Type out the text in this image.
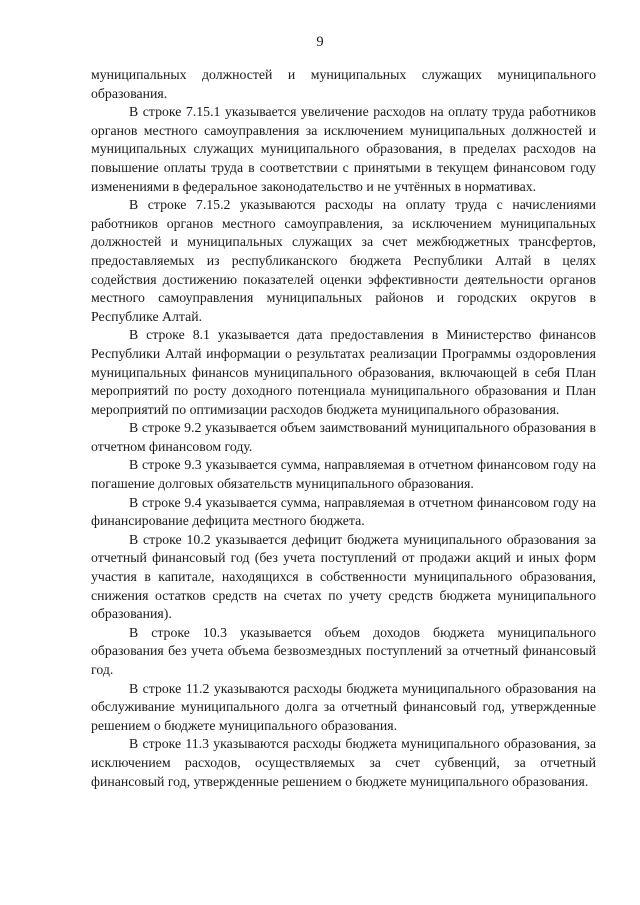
9

муниципальных должностей и муниципальных служащих муниципального образования.

В строке 7.15.1 указывается увеличение расходов на оплату труда работников органов местного самоуправления за исключением муниципальных должностей и муниципальных служащих муниципального образования, в пределах расходов на повышение оплаты труда в соответствии с принятыми в текущем финансовом году изменениями в федеральное законодательство и не учтённых в нормативах.

В строке 7.15.2 указываются расходы на оплату труда с начислениями работников органов местного самоуправления, за исключением муниципальных должностей и муниципальных служащих за счет межбюджетных трансфертов, предоставляемых из республиканского бюджета Республики Алтай в целях содействия достижению показателей оценки эффективности деятельности органов местного самоуправления муниципальных районов и городских округов в Республике Алтай.

В строке 8.1 указывается дата предоставления в Министерство финансов Республики Алтай информации о результатах реализации Программы оздоровления муниципальных финансов муниципального образования, включающей в себя План мероприятий по росту доходного потенциала муниципального образования и План мероприятий по оптимизации расходов бюджета муниципального образования.

В строке 9.2 указывается объем заимствований муниципального образования в отчетном финансовом году.

В строке 9.3 указывается сумма, направляемая в отчетном финансовом году на погашение долговых обязательств муниципального образования.

В строке 9.4 указывается сумма, направляемая в отчетном финансовом году на финансирование дефицита местного бюджета.

В строке 10.2 указывается дефицит бюджета муниципального образования за отчетный финансовый год (без учета поступлений от продажи акций и иных форм участия в капитале, находящихся в собственности муниципального образования, снижения остатков средств на счетах по учету средств бюджета муниципального образования).

В строке 10.3 указывается объем доходов бюджета муниципального образования без учета объема безвозмездных поступлений за отчетный финансовый год.

В строке 11.2 указываются расходы бюджета муниципального образования на обслуживание муниципального долга за отчетный финансовый год, утвержденные решением о бюджете муниципального образования.

В строке 11.3 указываются расходы бюджета муниципального образования, за исключением расходов, осуществляемых за счет субвенций, за отчетный финансовый год, утвержденные решением о бюджете муниципального образования.
